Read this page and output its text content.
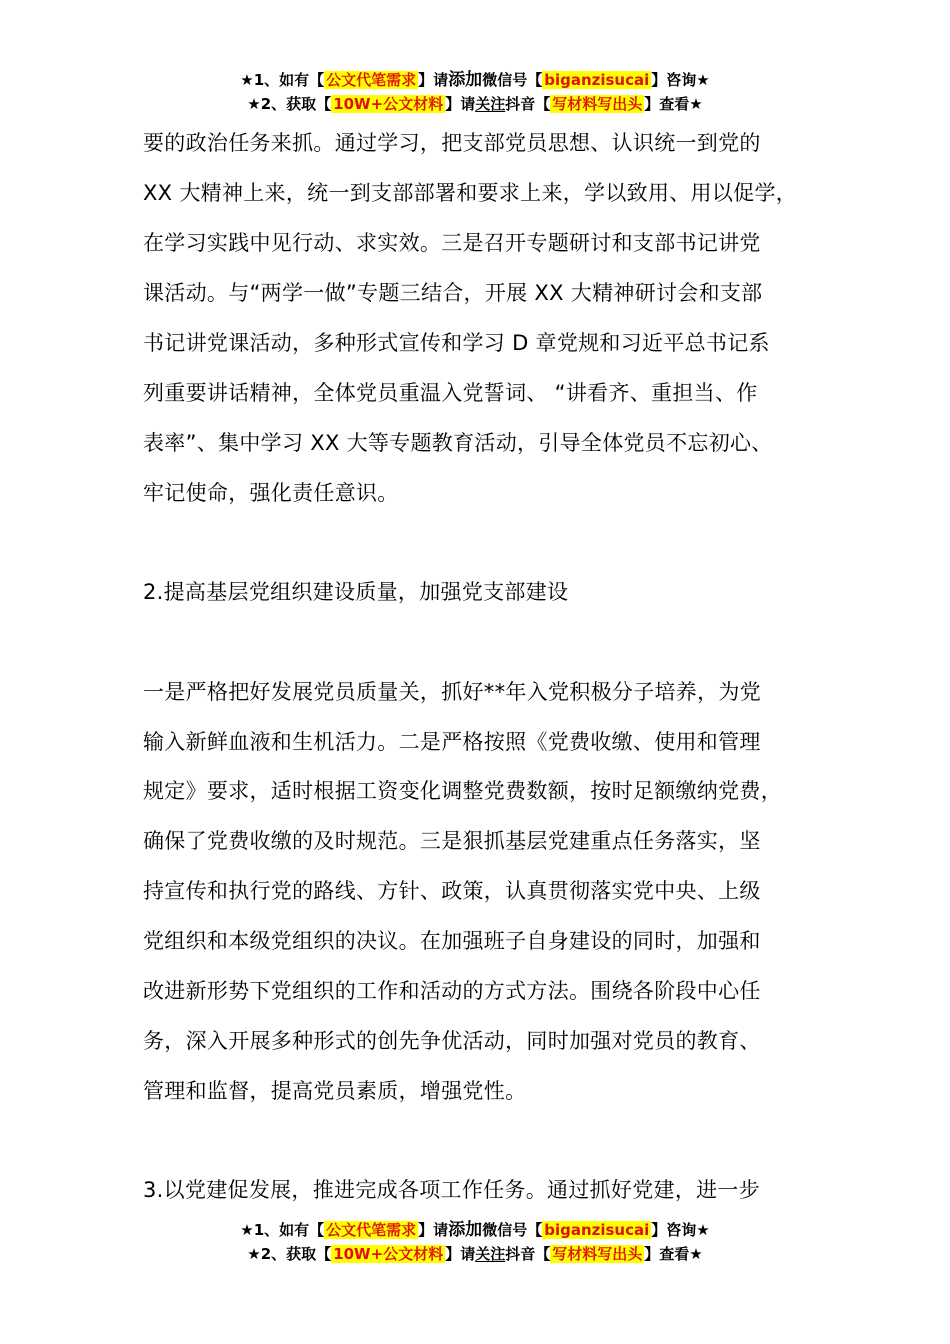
★1、如有【 公文代笔需求 】请添加微信号【 biganzisucai 】咨询★
★2、获取【 10W+公文材料 】请关注抖音【 写材料写出头 】查看★
要的政治任务来抓。通过学习，把支部党员思想、认识统一到党的
XX 大精神上来，统一到支部部署和要求上来，学以致用、用以促学，
在学习实践中见行动、求实效。三是召开专题研讨和支部书记讲党
课活动。与“两学一做”专题三结合，开展 XX 大精神研讨会和支部
书记讲党课活动，多种形式宣传和学习 D 章党规和习近平总书记系
列重要讲话精神，全体党员重温入党誓词、 “讲看齐、重担当、作
表率”、集中学习 XX 大等专题教育活动，引导全体党员不忘初心、
牢记使命，强化责任意识。
2.提高基层党组织建设质量，加强党支部建设
一是严格把好发展党员质量关，抓好**年入党积极分子培养，为党
输入新鲜血液和生机活力。二是严格按照《党费收缴、使用和管理
规定》要求，适时根据工资变化调整党费数额，按时足额缴纳党费，
确保了党费收缴的及时规范。三是狠抓基层党建重点任务落实，坚
持宣传和执行党的路线、方针、政策，认真贯彻落实党中央、上级
党组织和本级党组织的决议。在加强班子自身建设的同时，加强和
改进新形势下党组织的工作和活动的方式方法。围绕各阶段中心任
务，深入开展多种形式的创先争优活动，同时加强对党员的教育、
管理和监督，提高党员素质，增强党性。
3.以党建促发展，推进完成各项工作任务。通过抓好党建，进一步
★1、如有【 公文代笔需求 】请添加微信号【 biganzisucai 】咨询★
★2、获取【 10W+公文材料 】请关注抖音【 写材料写出头 】查看★
